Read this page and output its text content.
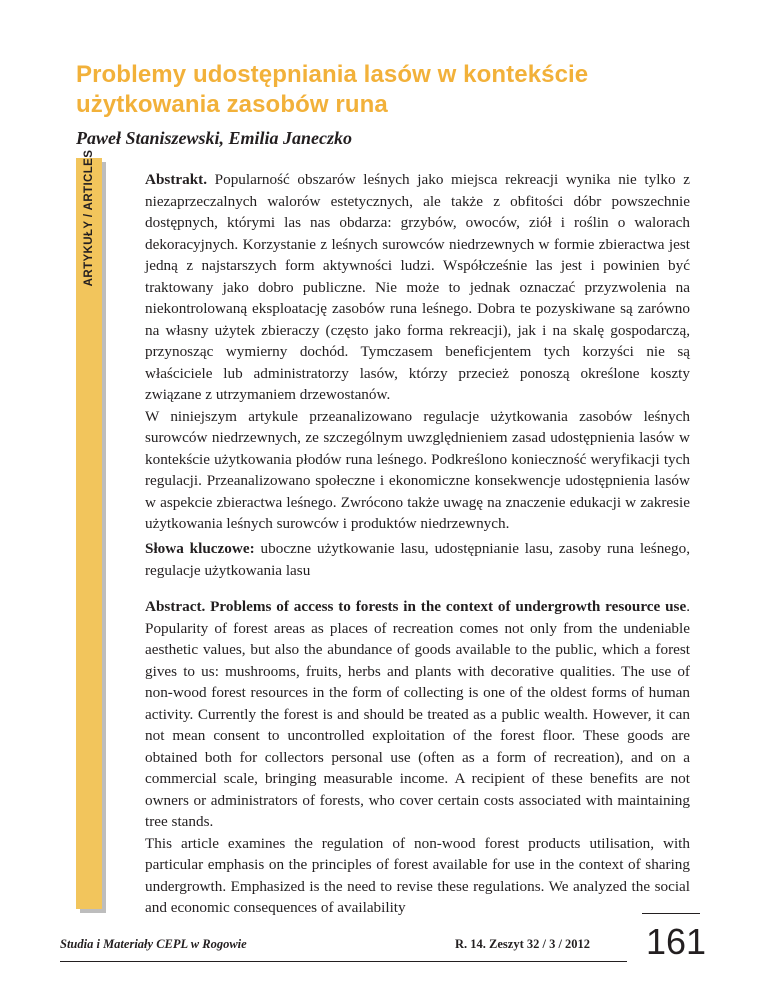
Problemy udostępniania lasów w kontekście użytkowania zasobów runa

Paweł Staniszewski, Emilia Janeczko

ARTYKUŁY / ARTICLES	Abstrakt. Popularność obszarów leśnych jako miejsca rekreacji wynika nie tylko z niezaprzeczalnych walorów estetycznych, ale także z obfitości dóbr powszechnie dostępnych, którymi las nas obdarza: grzybów, owoców, ziół i roślin o walorach dekoracyjnych. Korzystanie z leśnych surowców niedrzewnych w formie zbieractwa jest jedną z najstarszych form aktywności ludzi. Współcześnie las jest i powinien być traktowany jako dobro publiczne. Nie może to jednak oznaczać przyzwolenia na niekontrolowaną eksploatację zasobów runa leśnego. Dobra te pozyskiwane są zarówno na własny użytek zbieraczy (często jako forma rekreacji), jak i na skalę gospodarczą, przynosząc wymierny dochód. Tymczasem beneficjentem tych korzyści nie są właściciele lub administratorzy lasów, którzy przecież ponoszą określone koszty związane z utrzymaniem drzewostanów.

W niniejszym artykule przeanalizowano regulacje użytkowania zasobów leśnych surowców niedrzewnych, ze szczególnym uwzględnieniem zasad udostępnienia lasów w kontekście użytkowania płodów runa leśnego. Podkreślono konieczność weryfikacji tych regulacji. Przeanalizowano społeczne i ekonomiczne konsekwencje udostępnienia lasów w aspekcie zbieractwa leśnego. Zwrócono także uwagę na znaczenie edukacji w zakresie użytkowania leśnych surowców i produktów niedrzewnych.

Słowa kluczowe: uboczne użytkowanie lasu, udostępnianie lasu, zasoby runa leśnego, regulacje użytkowania lasu

Abstract. Problems of access to forests in the context of undergrowth resource use. Popularity of forest areas as places of recreation comes not only from the undeniable aesthetic values, but also the abundance of goods available to the public, which a forest gives to us: mushrooms, fruits, herbs and plants with decorative qualities. The use of non-wood forest resources in the form of collecting is one of the oldest forms of human activity. Currently the forest is and should be treated as a public wealth. However, it can not mean consent to uncontrolled exploitation of the forest floor. These goods are obtained both for collectors personal use (often as a form of recreation), and on a commercial scale, bringing measurable income. A recipient of these benefits are not owners or administrators of forests, who cover certain costs associated with maintaining tree stands.

This article examines the regulation of non-wood forest products utilisation, with particular emphasis on the principles of forest available for use in the context of sharing undergrowth. Emphasized is the need to revise these regulations. We analyzed the social and economic consequences of availability

Studia i Materiały CEPL w Rogowie	R. 14. Zeszyt 32 / 3 / 2012 161
